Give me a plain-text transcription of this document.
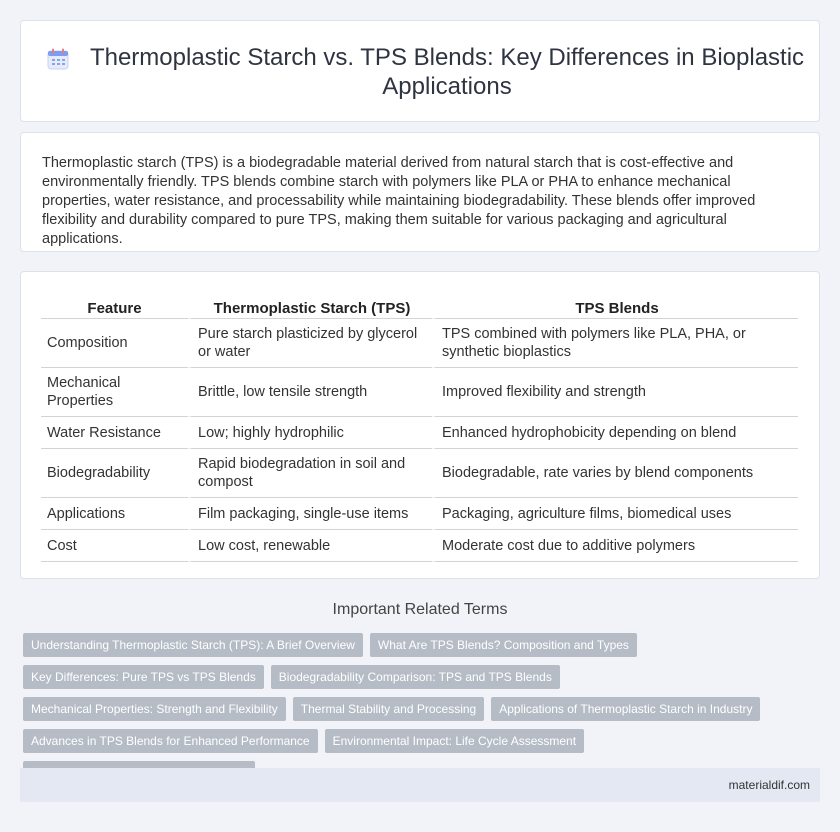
Thermoplastic Starch vs. TPS Blends: Key Differences in Bioplastic Applications

Thermoplastic starch (TPS) is a biodegradable material derived from natural starch that is cost-effective and environmentally friendly. TPS blends combine starch with polymers like PLA or PHA to enhance mechanical properties, water resistance, and processability while maintaining biodegradability. These blends offer improved flexibility and durability compared to pure TPS, making them suitable for various packaging and agricultural applications.

Feature	Thermoplastic Starch (TPS)	TPS Blends
Composition	Pure starch plasticized by glycerol or water	TPS combined with polymers like PLA, PHA, or synthetic bioplastics
Mechanical Properties	Brittle, low tensile strength	Improved flexibility and strength
Water Resistance	Low; highly hydrophilic	Enhanced hydrophobicity depending on blend
Biodegradability	Rapid biodegradation in soil and compost	Biodegradable, rate varies by blend components
Applications	Film packaging, single-use items	Packaging, agriculture films, biomedical uses
Cost	Low cost, renewable	Moderate cost due to additive polymers
Important Related Terms
Understanding Thermoplastic Starch (TPS): A Brief Overview	What Are TPS Blends? Composition and Types
Key Differences: Pure TPS vs TPS Blends	Biodegradability Comparison: TPS and TPS Blends
Mechanical Properties: Strength and Flexibility	Thermal Stability and Processing	Applications of Thermoplastic Starch in Industry
Advances in TPS Blends for Enhanced Performance	Environmental Impact: Life Cycle Assessment
materialdif.com
